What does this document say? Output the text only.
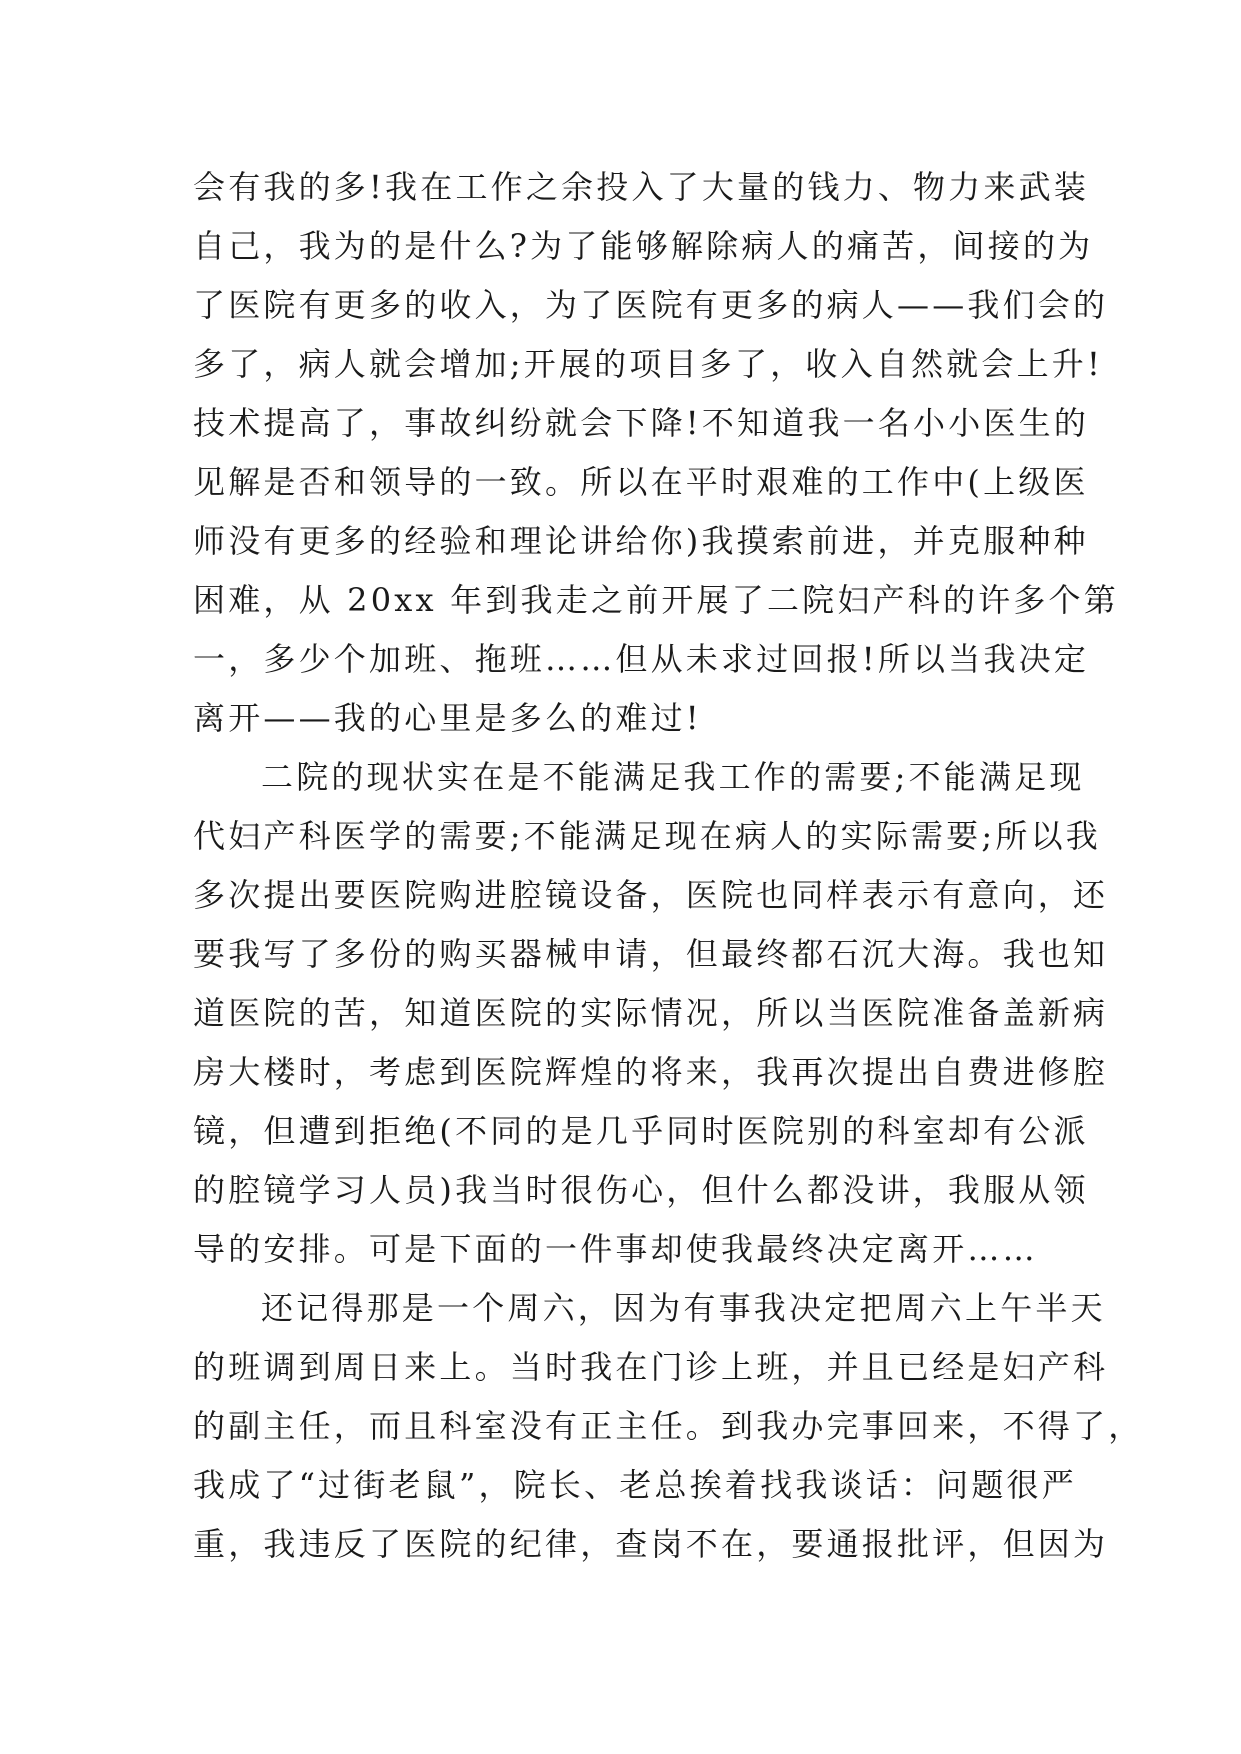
会有我的多!我在工作之余投入了大量的钱力、物力来武装
自己，我为的是什么?为了能够解除病人的痛苦，间接的为
了医院有更多的收入，为了医院有更多的病人——我们会的
多了，病人就会增加;开展的项目多了，收入自然就会上升!
技术提高了，事故纠纷就会下降!不知道我一名小小医生的
见解是否和领导的一致。所以在平时艰难的工作中(上级医
师没有更多的经验和理论讲给你)我摸索前进，并克服种种
困难，从 20xx 年到我走之前开展了二院妇产科的许多个第
一，多少个加班、拖班……但从未求过回报!所以当我决定
离开——我的心里是多么的难过!
二院的现状实在是不能满足我工作的需要;不能满足现
代妇产科医学的需要;不能满足现在病人的实际需要;所以我
多次提出要医院购进腔镜设备，医院也同样表示有意向，还
要我写了多份的购买器械申请，但最终都石沉大海。我也知
道医院的苦，知道医院的实际情况，所以当医院准备盖新病
房大楼时，考虑到医院辉煌的将来，我再次提出自费进修腔
镜，但遭到拒绝(不同的是几乎同时医院别的科室却有公派
的腔镜学习人员)我当时很伤心，但什么都没讲，我服从领
导的安排。可是下面的一件事却使我最终决定离开……
还记得那是一个周六，因为有事我决定把周六上午半天
的班调到周日来上。当时我在门诊上班，并且已经是妇产科
的副主任，而且科室没有正主任。到我办完事回来，不得了，
我成了“过街老鼠”，院长、老总挨着找我谈话：问题很严
重，我违反了医院的纪律，查岗不在，要通报批评，但因为
